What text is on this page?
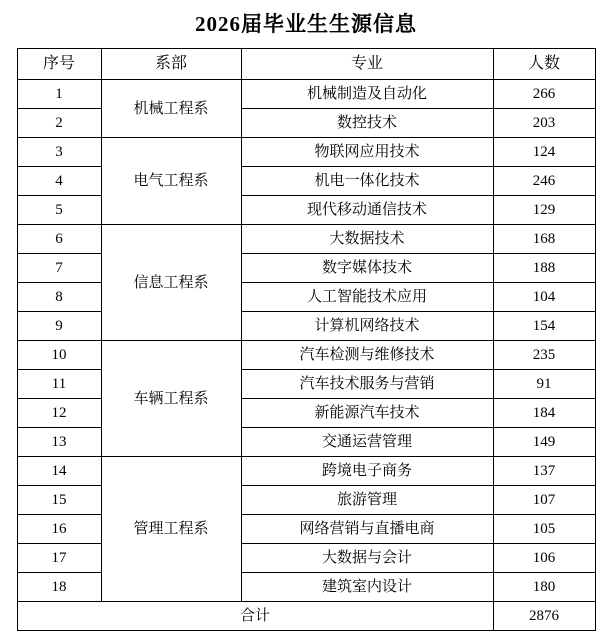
2026届毕业生生源信息
序号	系部	专业	人数
1	机械工程系	机械制造及自动化	266
2		数控技术	203
3	电气工程系	物联网应用技术	124
4		机电一体化技术	246
5		现代移动通信技术	129
6	信息工程系	大数据技术	168
7		数字媒体技术	188
8		人工智能技术应用	104
9		计算机网络技术	154
10	车辆工程系	汽车检测与维修技术	235
11		汽车技术服务与营销	91
12		新能源汽车技术	184
13		交通运营管理	149
14	管理工程系	跨境电子商务	137
15		旅游管理	107
16		网络营销与直播电商	105
17		大数据与会计	106
18		建筑室内设计	180
合计			2876
